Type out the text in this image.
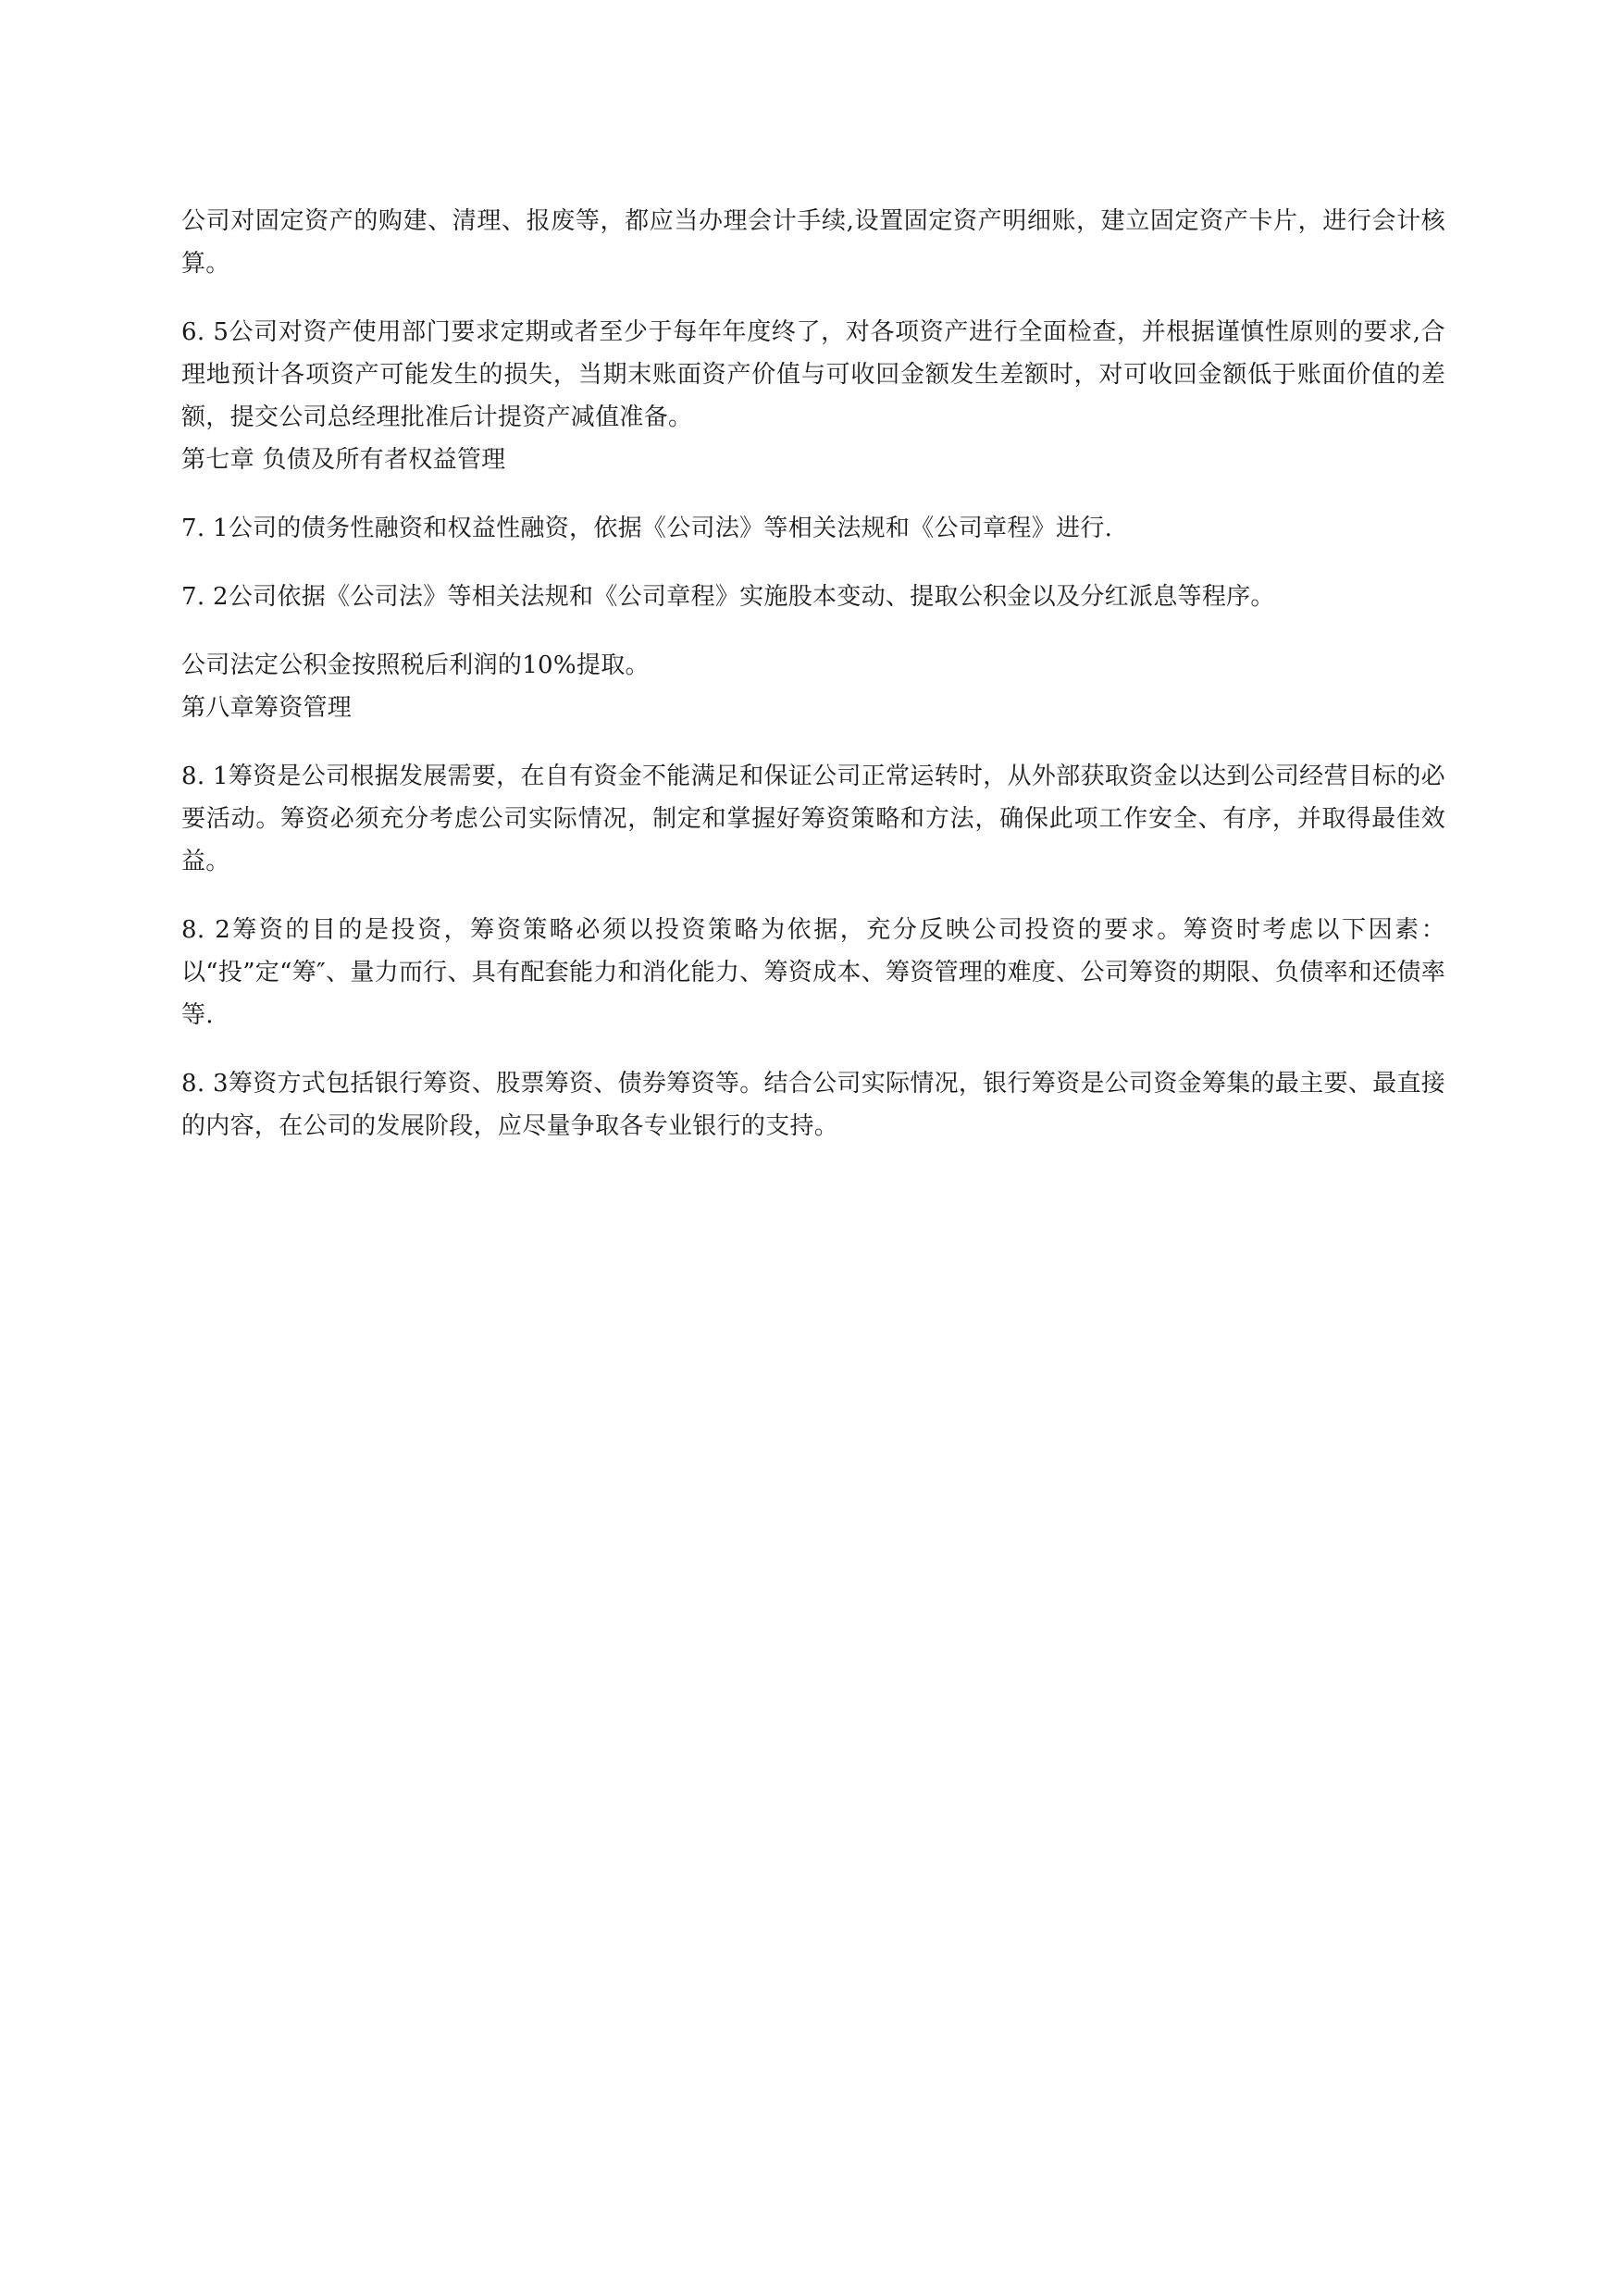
公司对固定资产的购建、清理、报废等，都应当办理会计手续,设置固定资产明细账，建立固定资产卡片，进行会计核算。

6. 5公司对资产使用部门要求定期或者至少于每年年度终了，对各项资产进行全面检查，并根据谨慎性原则的要求,合理地预计各项资产可能发生的损失，当期末账面资产价值与可收回金额发生差额时，对可收回金额低于账面价值的差额，提交公司总经理批准后计提资产减值准备。

第七章 负债及所有者权益管理

7. 1公司的债务性融资和权益性融资，依据《公司法》等相关法规和《公司章程》进行.

7. 2公司依据《公司法》等相关法规和《公司章程》实施股本变动、提取公积金以及分红派息等程序。

公司法定公积金按照税后利润的10%提取。

第八章筹资管理

8. 1筹资是公司根据发展需要，在自有资金不能满足和保证公司正常运转时，从外部获取资金以达到公司经营目标的必要活动。筹资必须充分考虑公司实际情况，制定和掌握好筹资策略和方法，确保此项工作安全、有序，并取得最佳效益。

8. 2筹资的目的是投资，筹资策略必须以投资策略为依据，充分反映公司投资的要求。筹资时考虑以下因素：以“投”定“筹″、量力而行、具有配套能力和消化能力、筹资成本、筹资管理的难度、公司筹资的期限、负债率和还债率等.

8. 3筹资方式包括银行筹资、股票筹资、债券筹资等。结合公司实际情况，银行筹资是公司资金筹集的最主要、最直接的内容，在公司的发展阶段，应尽量争取各专业银行的支持。
